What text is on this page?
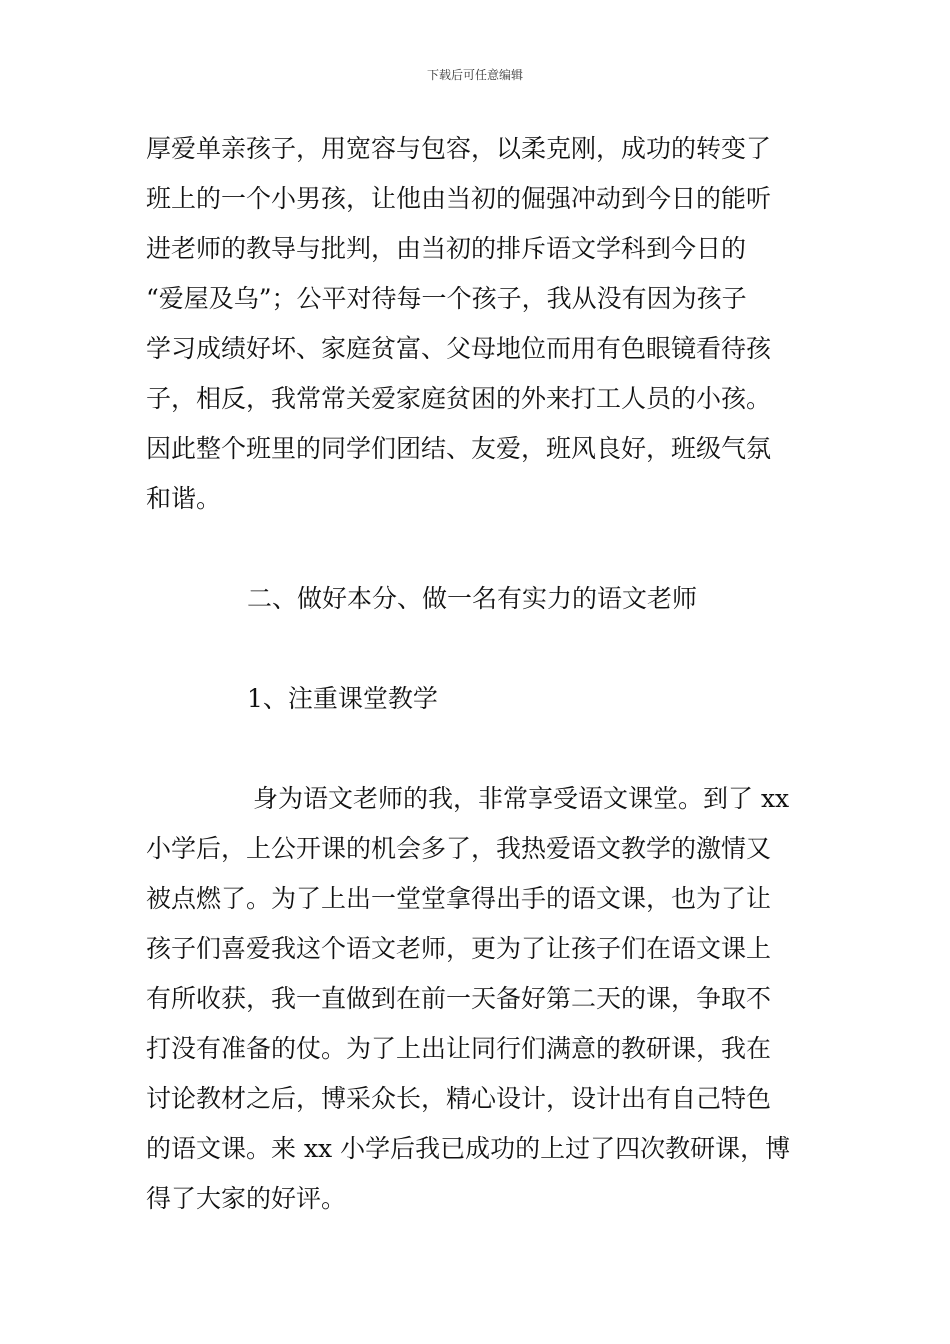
下载后可任意编辑
厚爱单亲孩子，用宽容与包容，以柔克刚，成功的转变了
班上的一个小男孩，让他由当初的倔强冲动到今日的能听
进老师的教导与批判，由当初的排斥语文学科到今日的
“爱屋及乌”；公平对待每一个孩子，我从没有因为孩子
学习成绩好坏、家庭贫富、父母地位而用有色眼镜看待孩
子，相反，我常常关爱家庭贫困的外来打工人员的小孩。
因此整个班里的同学们团结、友爱，班风良好，班级气氛
和谐。
二、做好本分、做一名有实力的语文老师
1、注重课堂教学
身为语文老师的我，非常享受语文课堂。到了 xx
小学后，上公开课的机会多了，我热爱语文教学的激情又
被点燃了。为了上出一堂堂拿得出手的语文课，也为了让
孩子们喜爱我这个语文老师，更为了让孩子们在语文课上
有所收获，我一直做到在前一天备好第二天的课，争取不
打没有准备的仗。为了上出让同行们满意的教研课，我在
讨论教材之后，博采众长，精心设计，设计出有自己特色
的语文课。来 xx 小学后我已成功的上过了四次教研课，博
得了大家的好评。
